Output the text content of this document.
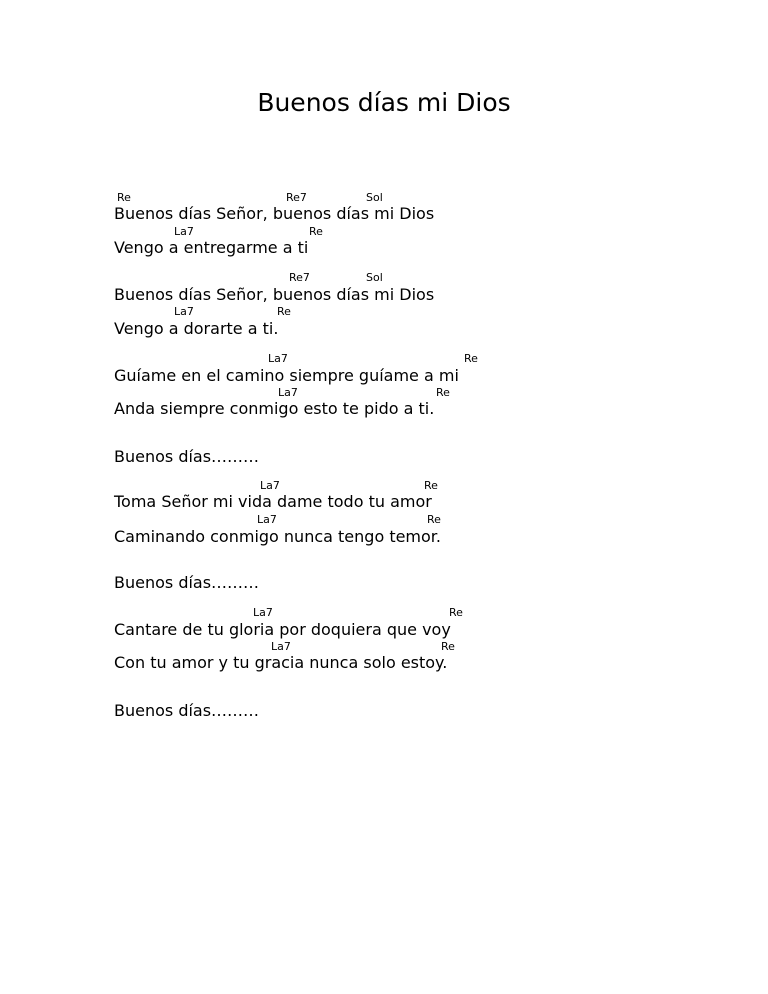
Buenos días mi Dios
Re	Re7	Sol
Buenos días Señor, buenos días mi Dios
La7	Re
Vengo a entregarme a ti
Re7	Sol
Buenos días Señor, buenos días mi Dios
La7	Re
Vengo a dorarte a ti.
La7	Re
Guíame en el camino siempre guíame a mi
La7	Re
Anda siempre conmigo esto te pido a ti.
Buenos días………
La7	Re
Toma Señor mi vida dame todo tu amor
La7	Re
Caminando conmigo nunca tengo temor.
Buenos días………
La7	Re
Cantare de tu gloria por doquiera que voy
La7	Re
Con tu amor y tu gracia nunca solo estoy.
Buenos días………
